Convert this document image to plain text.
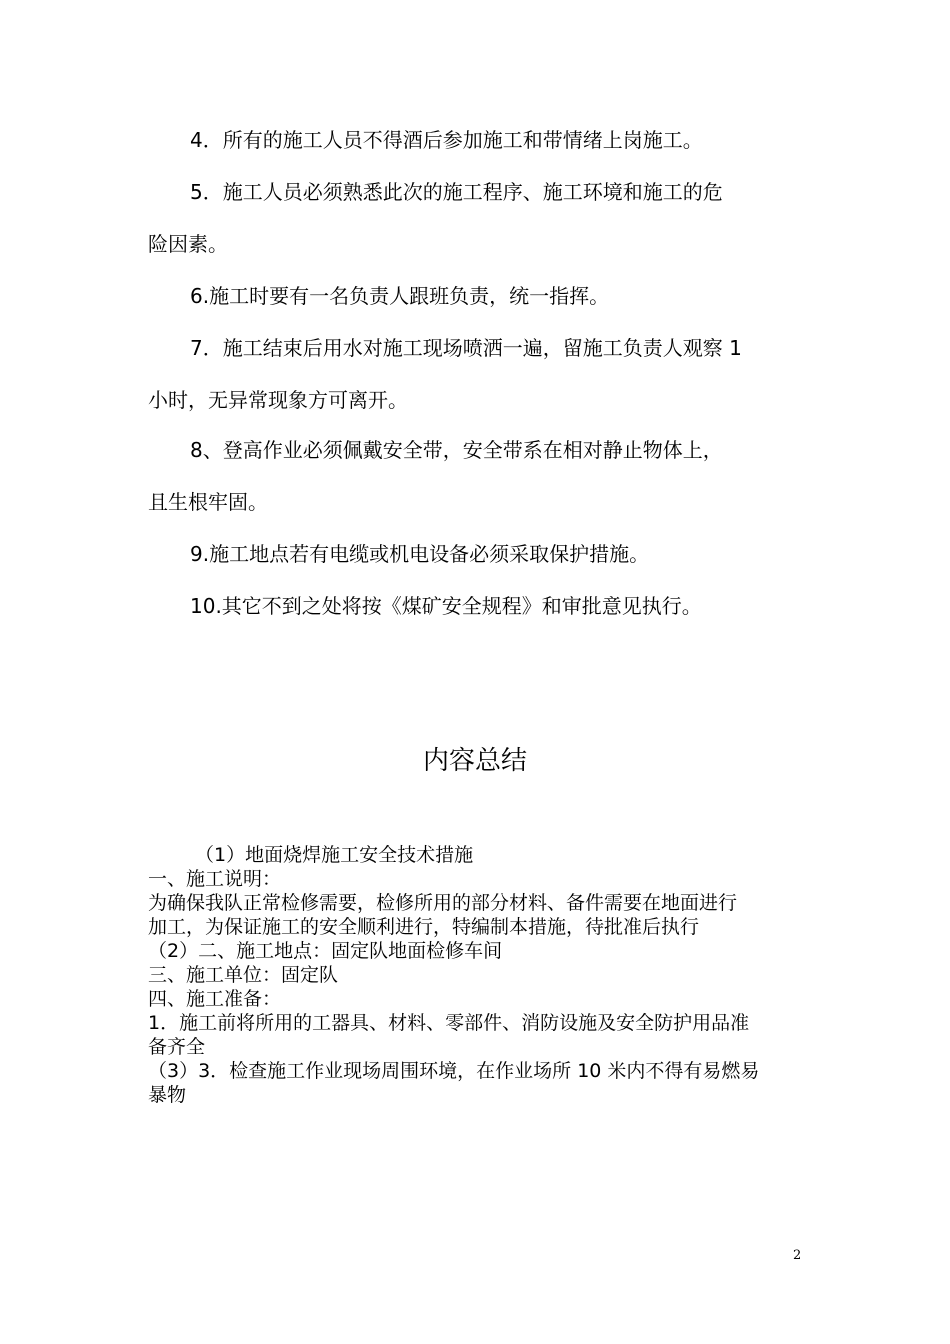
4．所有的施工人员不得酒后参加施工和带情绪上岗施工。
5．施工人员必须熟悉此次的施工程序、施工环境和施工的危
险因素。
6.施工时要有一名负责人跟班负责，统一指挥。
7．施工结束后用水对施工现场喷洒一遍，留施工负责人观察 1
小时，无异常现象方可离开。
8、登高作业必须佩戴安全带，安全带系在相对静止物体上，
且生根牢固。
9.施工地点若有电缆或机电设备必须采取保护措施。
10.其它不到之处将按《煤矿安全规程》和审批意见执行。
内容总结
（1）地面烧焊施工安全技术措施
一、施工说明：
为确保我队正常检修需要，检修所用的部分材料、备件需要在地面进行
加工，为保证施工的安全顺利进行，特编制本措施，待批准后执行
（2）二、施工地点：固定队地面检修车间
三、施工单位：固定队
四、施工准备：
1．施工前将所用的工器具、材料、零部件、消防设施及安全防护用品准
备齐全
（3）3．检查施工作业现场周围环境，在作业场所 10 米内不得有易燃易
暴物
2
